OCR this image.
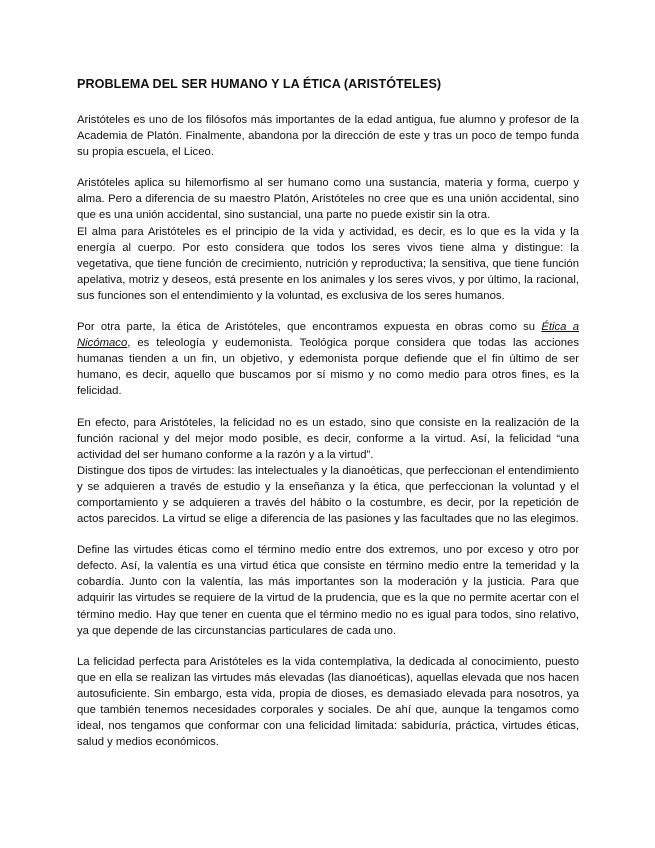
PROBLEMA DEL SER HUMANO Y LA ÉTICA (ARISTÓTELES)

Aristóteles es uno de los filósofos más importantes de la edad antigua, fue alumno y profesor de la Academia de Platón. Finalmente, abandona por la dirección de este y tras un poco de tempo funda su propia escuela, el Liceo.

Aristóteles aplica su hilemorfismo al ser humano como una sustancia, materia y forma, cuerpo y alma. Pero a diferencia de su maestro Platón, Aristóteles no cree que es una unión accidental, sino que es una unión accidental, sino sustancial, una parte no puede existir sin la otra.

El alma para Aristóteles es el principio de la vida y actividad, es decir, es lo que es la vida y la energía al cuerpo. Por esto considera que todos los seres vivos tiene alma y distingue: la vegetativa, que tiene función de crecimiento, nutrición y reproductiva; la sensitiva, que tiene función apelativa, motriz y deseos, está presente en los animales y los seres vivos, y por último, la racional, sus funciones son el entendimiento y la voluntad, es exclusiva de los seres humanos.

Por otra parte, la ética de Aristóteles, que encontramos expuesta en obras como su Ética a Nicómaco, es teleología y eudemonista. Teológica porque considera que todas las acciones humanas tienden a un fin, un objetivo, y edemonista porque defiende que el fin último de ser humano, es decir, aquello que buscamos por sí mismo y no como medio para otros fines, es la felicidad.

En efecto, para Aristóteles, la felicidad no es un estado, sino que consiste en la realización de la función racional y del mejor modo posible, es decir, conforme a la virtud. Así, la felicidad “una actividad del ser humano conforme a la razón y a la virtud”.

Distingue dos tipos de virtudes: las intelectuales y la dianoéticas, que perfeccionan el entendimiento y se adquieren a través de estudio y la enseñanza y la ética, que perfeccionan la voluntad y el comportamiento y se adquieren a través del hábito o la costumbre, es decir, por la repetición de actos parecidos. La virtud se elige a diferencia de las pasiones y las facultades que no las elegimos.

Define las virtudes éticas como el término medio entre dos extremos, uno por exceso y otro por defecto. Así, la valentía es una virtud ética que consiste en término medio entre la temeridad y la cobardía. Junto con la valentía, las más importantes son la moderación y la justicia. Para que adquirir las virtudes se requiere de la virtud de la prudencia, que es la que no permite acertar con el término medio. Hay que tener en cuenta que el término medio no es igual para todos, sino relativo, ya que depende de las circunstancias particulares de cada uno.

La felicidad perfecta para Aristóteles es la vida contemplativa, la dedicada al conocimiento, puesto que en ella se realizan las virtudes más elevadas (las dianoéticas), aquellas elevada que nos hacen autosuficiente. Sin embargo, esta vida, propia de dioses, es demasiado elevada para nosotros, ya que también tenemos necesidades corporales y sociales. De ahí que, aunque la tengamos como ideal, nos tengamos que conformar con una felicidad limitada: sabiduría, práctica, virtudes éticas, salud y medios económicos.
